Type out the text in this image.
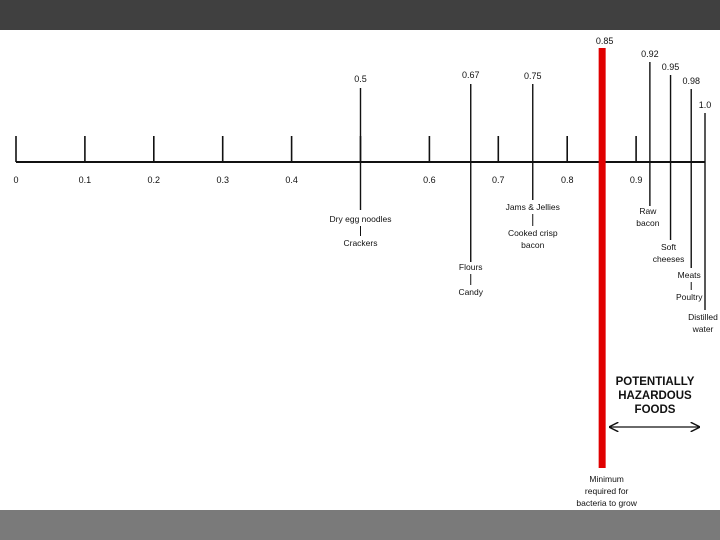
0	0.1	0.2	0.3	0.4	0.6	0.7	0.8	0.9
0.5
Dry egg noodles
Crackers
0.67
Flours
Candy
0.75
Jams & Jellies
Cooked crisp
bacon
0.92
Raw
bacon
0.95
Soft
cheeses
0.98
Meats
Poultry
1.0
Distilled
water
0.85
Minimum
required for
bacteria to grow
POTENTIALLY
HAZARDOUS
FOODS
